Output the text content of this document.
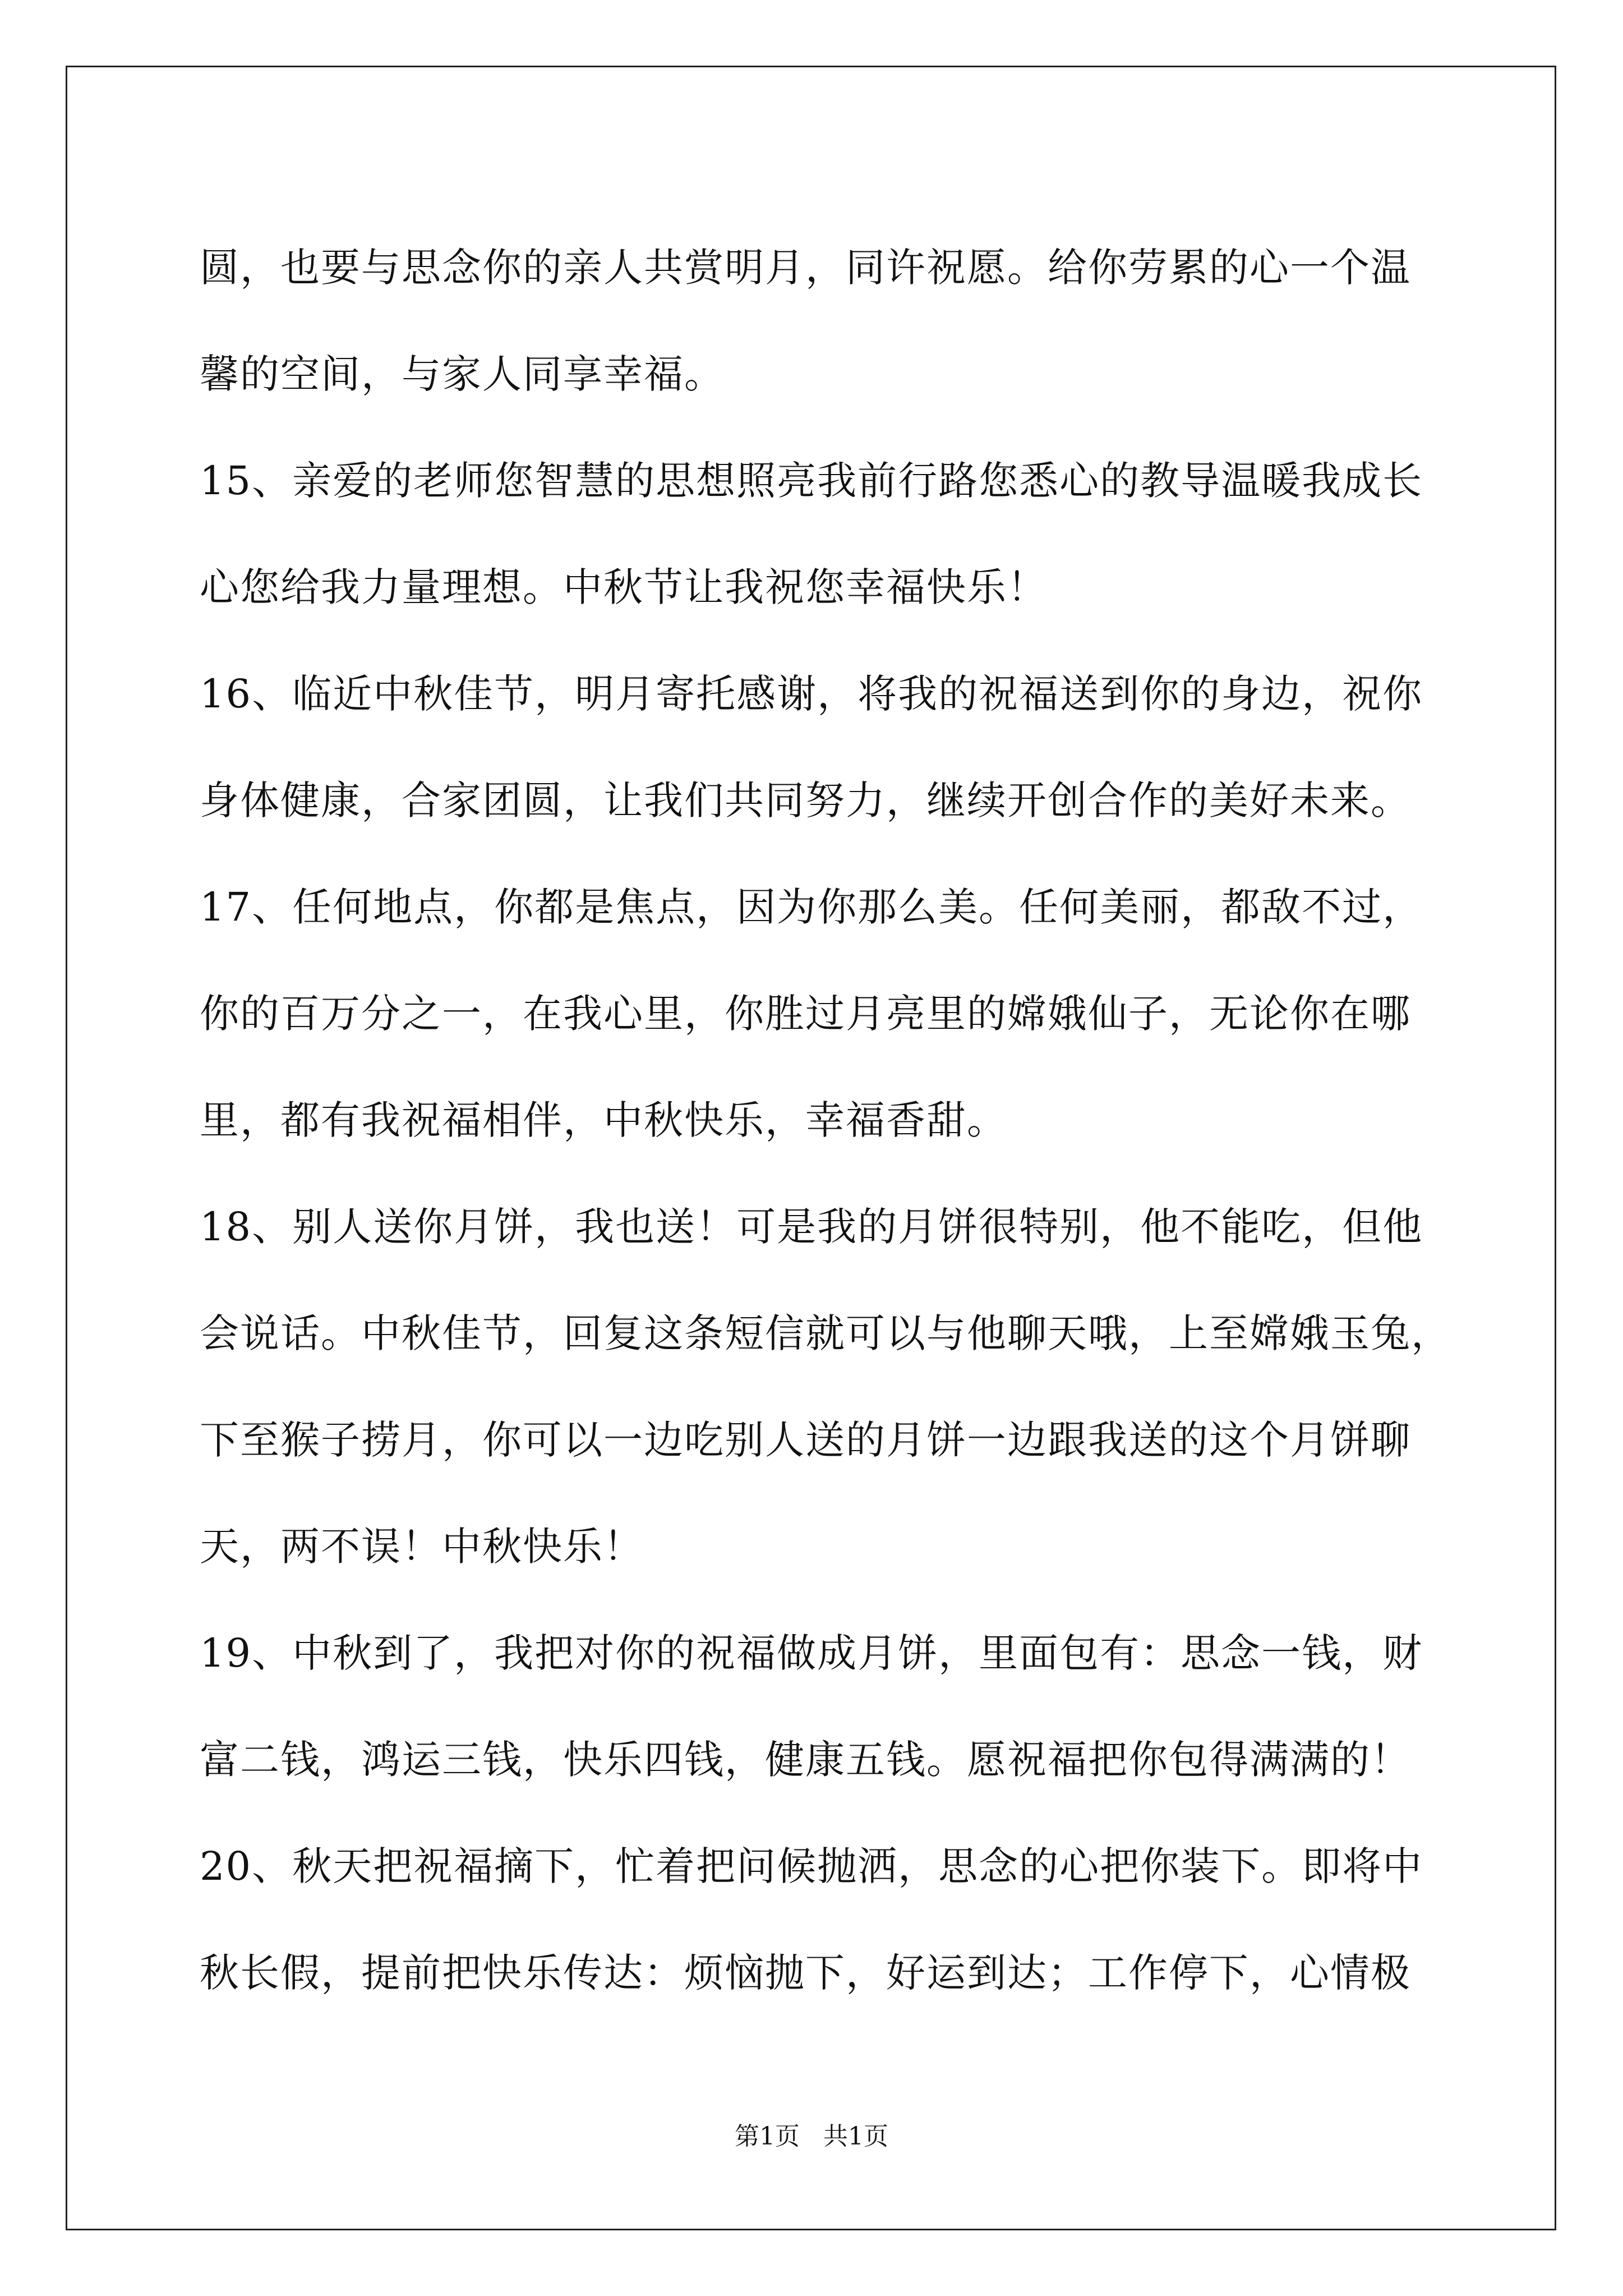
圆，也要与思念你的亲人共赏明月，同许祝愿。给你劳累的心一个温
馨的空间，与家人同享幸福。
15、亲爱的老师您智慧的思想照亮我前行路您悉心的教导温暖我成长
心您给我力量理想。中秋节让我祝您幸福快乐！
16、临近中秋佳节，明月寄托感谢，将我的祝福送到你的身边，祝你
身体健康，合家团圆，让我们共同努力，继续开创合作的美好未来。
17、任何地点，你都是焦点，因为你那么美。任何美丽，都敌不过，
你的百万分之一，在我心里，你胜过月亮里的嫦娥仙子，无论你在哪
里，都有我祝福相伴，中秋快乐，幸福香甜。
18、别人送你月饼，我也送！可是我的月饼很特别，他不能吃，但他
会说话。中秋佳节，回复这条短信就可以与他聊天哦，上至嫦娥玉兔，
下至猴子捞月，你可以一边吃别人送的月饼一边跟我送的这个月饼聊
天，两不误！中秋快乐！
19、中秋到了，我把对你的祝福做成月饼，里面包有：思念一钱，财
富二钱，鸿运三钱，快乐四钱，健康五钱。愿祝福把你包得满满的！
20、秋天把祝福摘下，忙着把问候抛洒，思念的心把你装下。即将中
秋长假，提前把快乐传达：烦恼抛下，好运到达；工作停下，心情极
第1页   共1页
